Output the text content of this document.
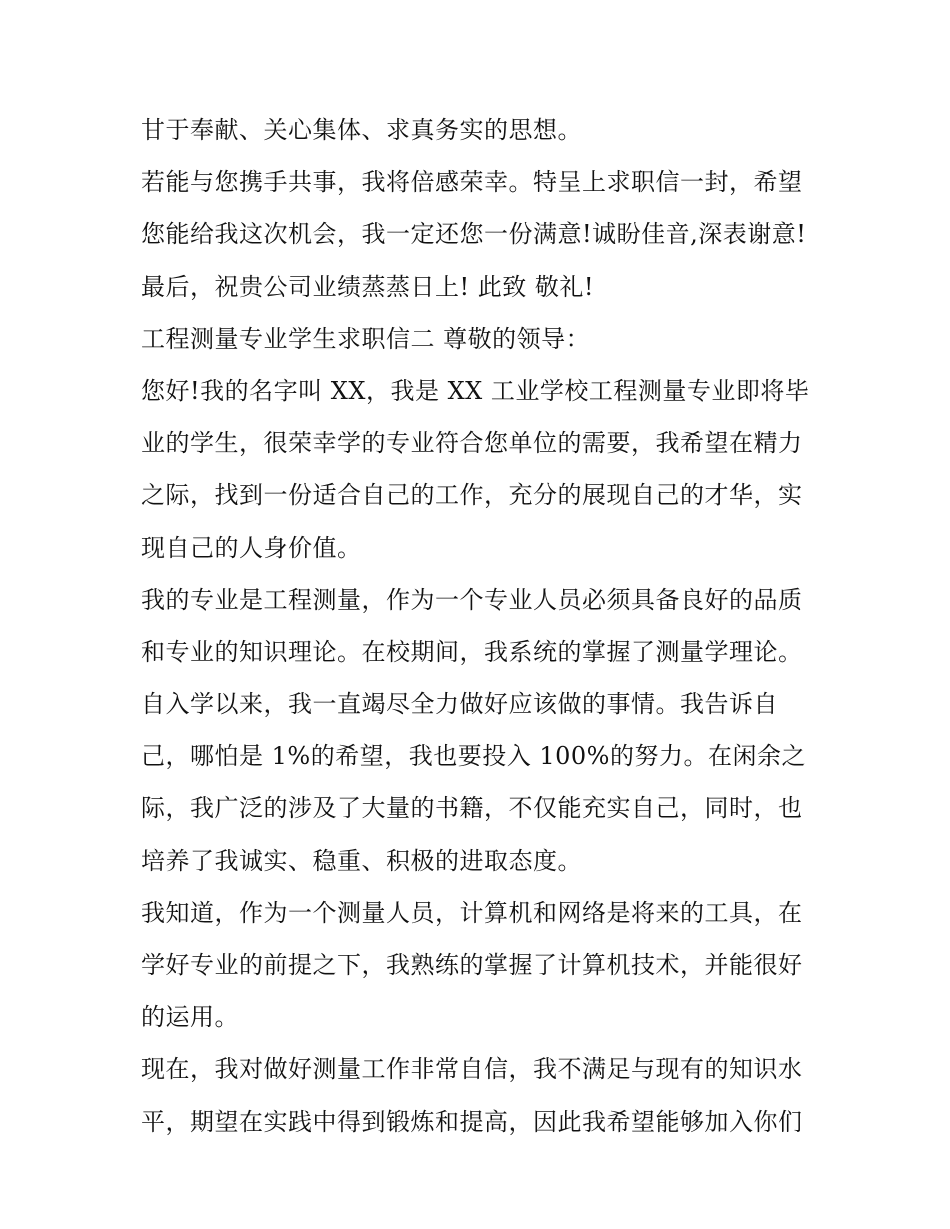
甘于奉献、关心集体、求真务实的思想。
若能与您携手共事，我将倍感荣幸。特呈上求职信一封，希望
您能给我这次机会，我一定还您一份满意!诚盼佳音,深表谢意!
最后，祝贵公司业绩蒸蒸日上! 此致 敬礼!
工程测量专业学生求职信二 尊敬的领导：
您好!我的名字叫 XX，我是 XX 工业学校工程测量专业即将毕
业的学生，很荣幸学的专业符合您单位的需要，我希望在精力
之际，找到一份适合自己的工作，充分的展现自己的才华，实
现自己的人身价值。
我的专业是工程测量，作为一个专业人员必须具备良好的品质
和专业的知识理论。在校期间，我系统的掌握了测量学理论。
自入学以来，我一直竭尽全力做好应该做的事情。我告诉自
己，哪怕是 1%的希望，我也要投入 100%的努力。在闲余之
际，我广泛的涉及了大量的书籍，不仅能充实自己，同时，也
培养了我诚实、稳重、积极的进取态度。
我知道，作为一个测量人员，计算机和网络是将来的工具，在
学好专业的前提之下，我熟练的掌握了计算机技术，并能很好
的运用。
现在，我对做好测量工作非常自信，我不满足与现有的知识水
平，期望在实践中得到锻炼和提高，因此我希望能够加入你们
